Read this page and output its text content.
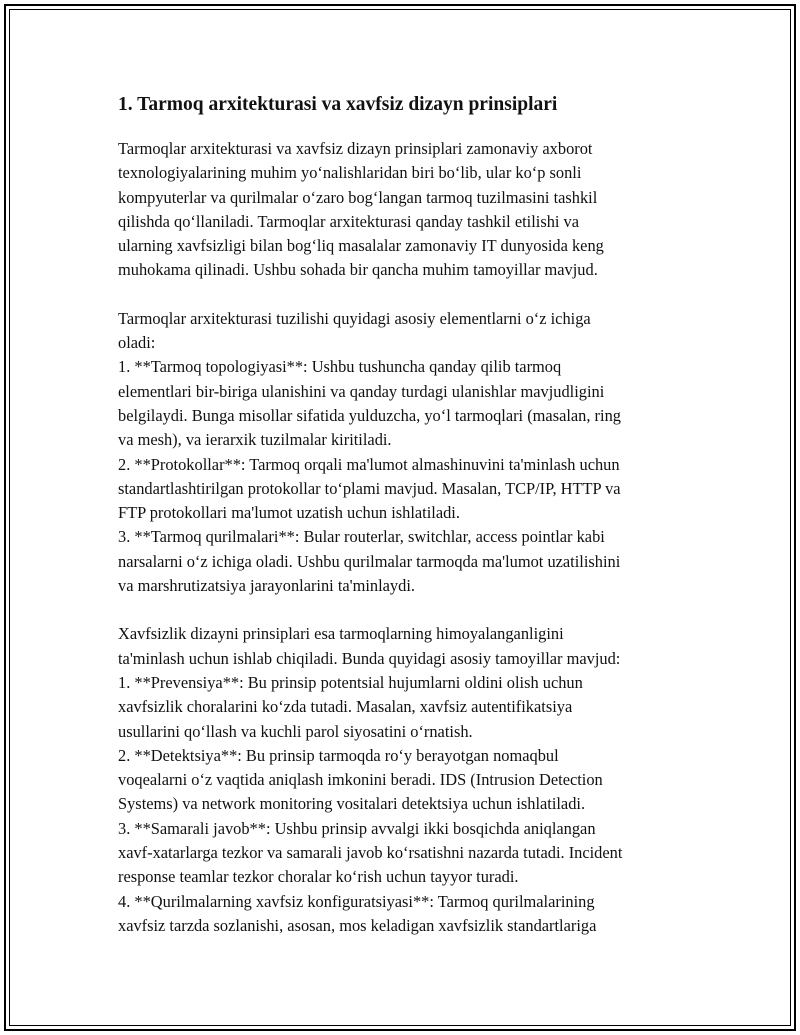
1. Tarmoq arxitekturasi va xavfsiz dizayn prinsiplari
Tarmoqlar arxitekturasi va xavfsiz dizayn prinsiplari zamonaviy axborot
texnologiyalarining muhim yo‘nalishlaridan biri bo‘lib, ular ko‘p sonli
kompyuterlar va qurilmalar o‘zaro bog‘langan tarmoq tuzilmasini tashkil
qilishda qo‘llaniladi. Tarmoqlar arxitekturasi qanday tashkil etilishi va
ularning xavfsizligi bilan bog‘liq masalalar zamonaviy IT dunyosida keng
muhokama qilinadi. Ushbu sohada bir qancha muhim tamoyillar mavjud.
Tarmoqlar arxitekturasi tuzilishi quyidagi asosiy elementlarni o‘z ichiga
oladi:
1. **Tarmoq topologiyasi**: Ushbu tushuncha qanday qilib tarmoq
elementlari bir-biriga ulanishini va qanday turdagi ulanishlar mavjudligini
belgilaydi. Bunga misollar sifatida yulduzcha, yo‘l tarmoqlari (masalan, ring
va mesh), va ierarxik tuzilmalar kiritiladi.
2. **Protokollar**: Tarmoq orqali ma'lumot almashinuvini ta'minlash uchun
standartlashtirilgan protokollar to‘plami mavjud. Masalan, TCP/IP, HTTP va
FTP protokollari ma'lumot uzatish uchun ishlatiladi.
3. **Tarmoq qurilmalari**: Bular routerlar, switchlar, access pointlar kabi
narsalarni o‘z ichiga oladi. Ushbu qurilmalar tarmoqda ma'lumot uzatilishini
va marshrutizatsiya jarayonlarini ta'minlaydi.
Xavfsizlik dizayni prinsiplari esa tarmoqlarning himoyalanganligini
ta'minlash uchun ishlab chiqiladi. Bunda quyidagi asosiy tamoyillar mavjud:
1. **Prevensiya**: Bu prinsip potentsial hujumlarni oldini olish uchun
xavfsizlik choralarini ko‘zda tutadi. Masalan, xavfsiz autentifikatsiya
usullarini qo‘llash va kuchli parol siyosatini o‘rnatish.
2. **Detektsiya**: Bu prinsip tarmoqda ro‘y berayotgan nomaqbul
voqealarni o‘z vaqtida aniqlash imkonini beradi. IDS (Intrusion Detection
Systems) va network monitoring vositalari detektsiya uchun ishlatiladi.
3. **Samarali javob**: Ushbu prinsip avvalgi ikki bosqichda aniqlangan
xavf-xatarlarga tezkor va samarali javob ko‘rsatishni nazarda tutadi. Incident
response teamlar tezkor choralar ko‘rish uchun tayyor turadi.
4. **Qurilmalarning xavfsiz konfiguratsiyasi**: Tarmoq qurilmalarining
xavfsiz tarzda sozlanishi, asosan, mos keladigan xavfsizlik standartlariga
